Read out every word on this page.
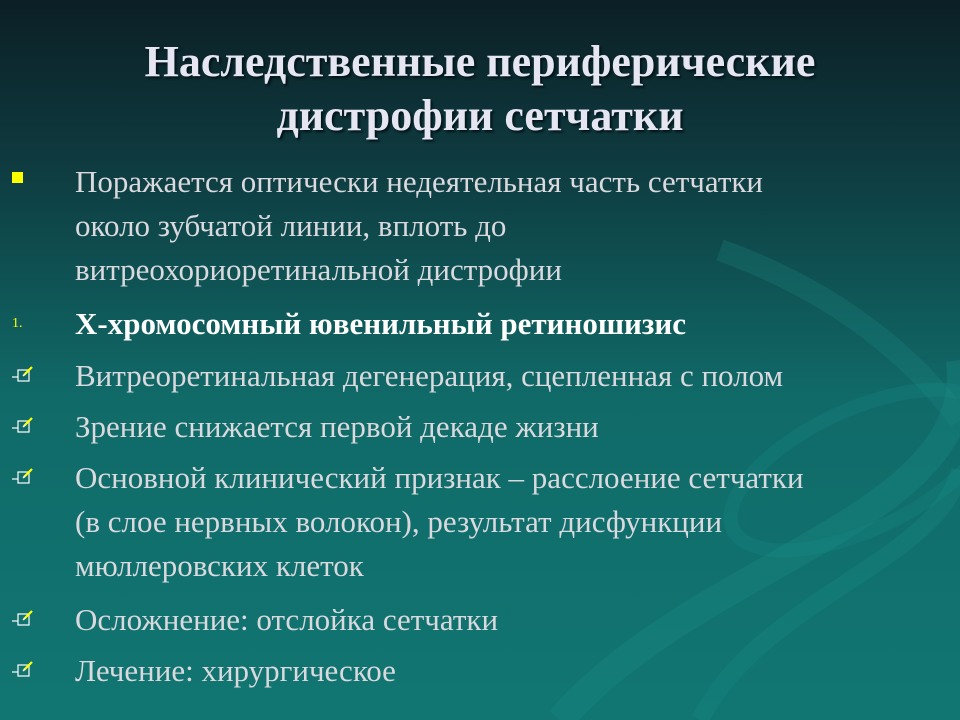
Наследственные периферические
дистрофии сетчатки
Поражается оптически недеятельная часть сетчатки
около зубчатой линии, вплоть до
витреохориоретинальной дистрофии
1. X-хромосомный ювенильный ретиношизис
Витреоретинальная дегенерация, сцепленная с полом
Зрение снижается первой декаде жизни
Основной клинический признак – расслоение сетчатки
(в слое нервных волокон), результат дисфункции
мюллеровских клеток
Осложнение: отслойка сетчатки
Лечение: хирургическое
